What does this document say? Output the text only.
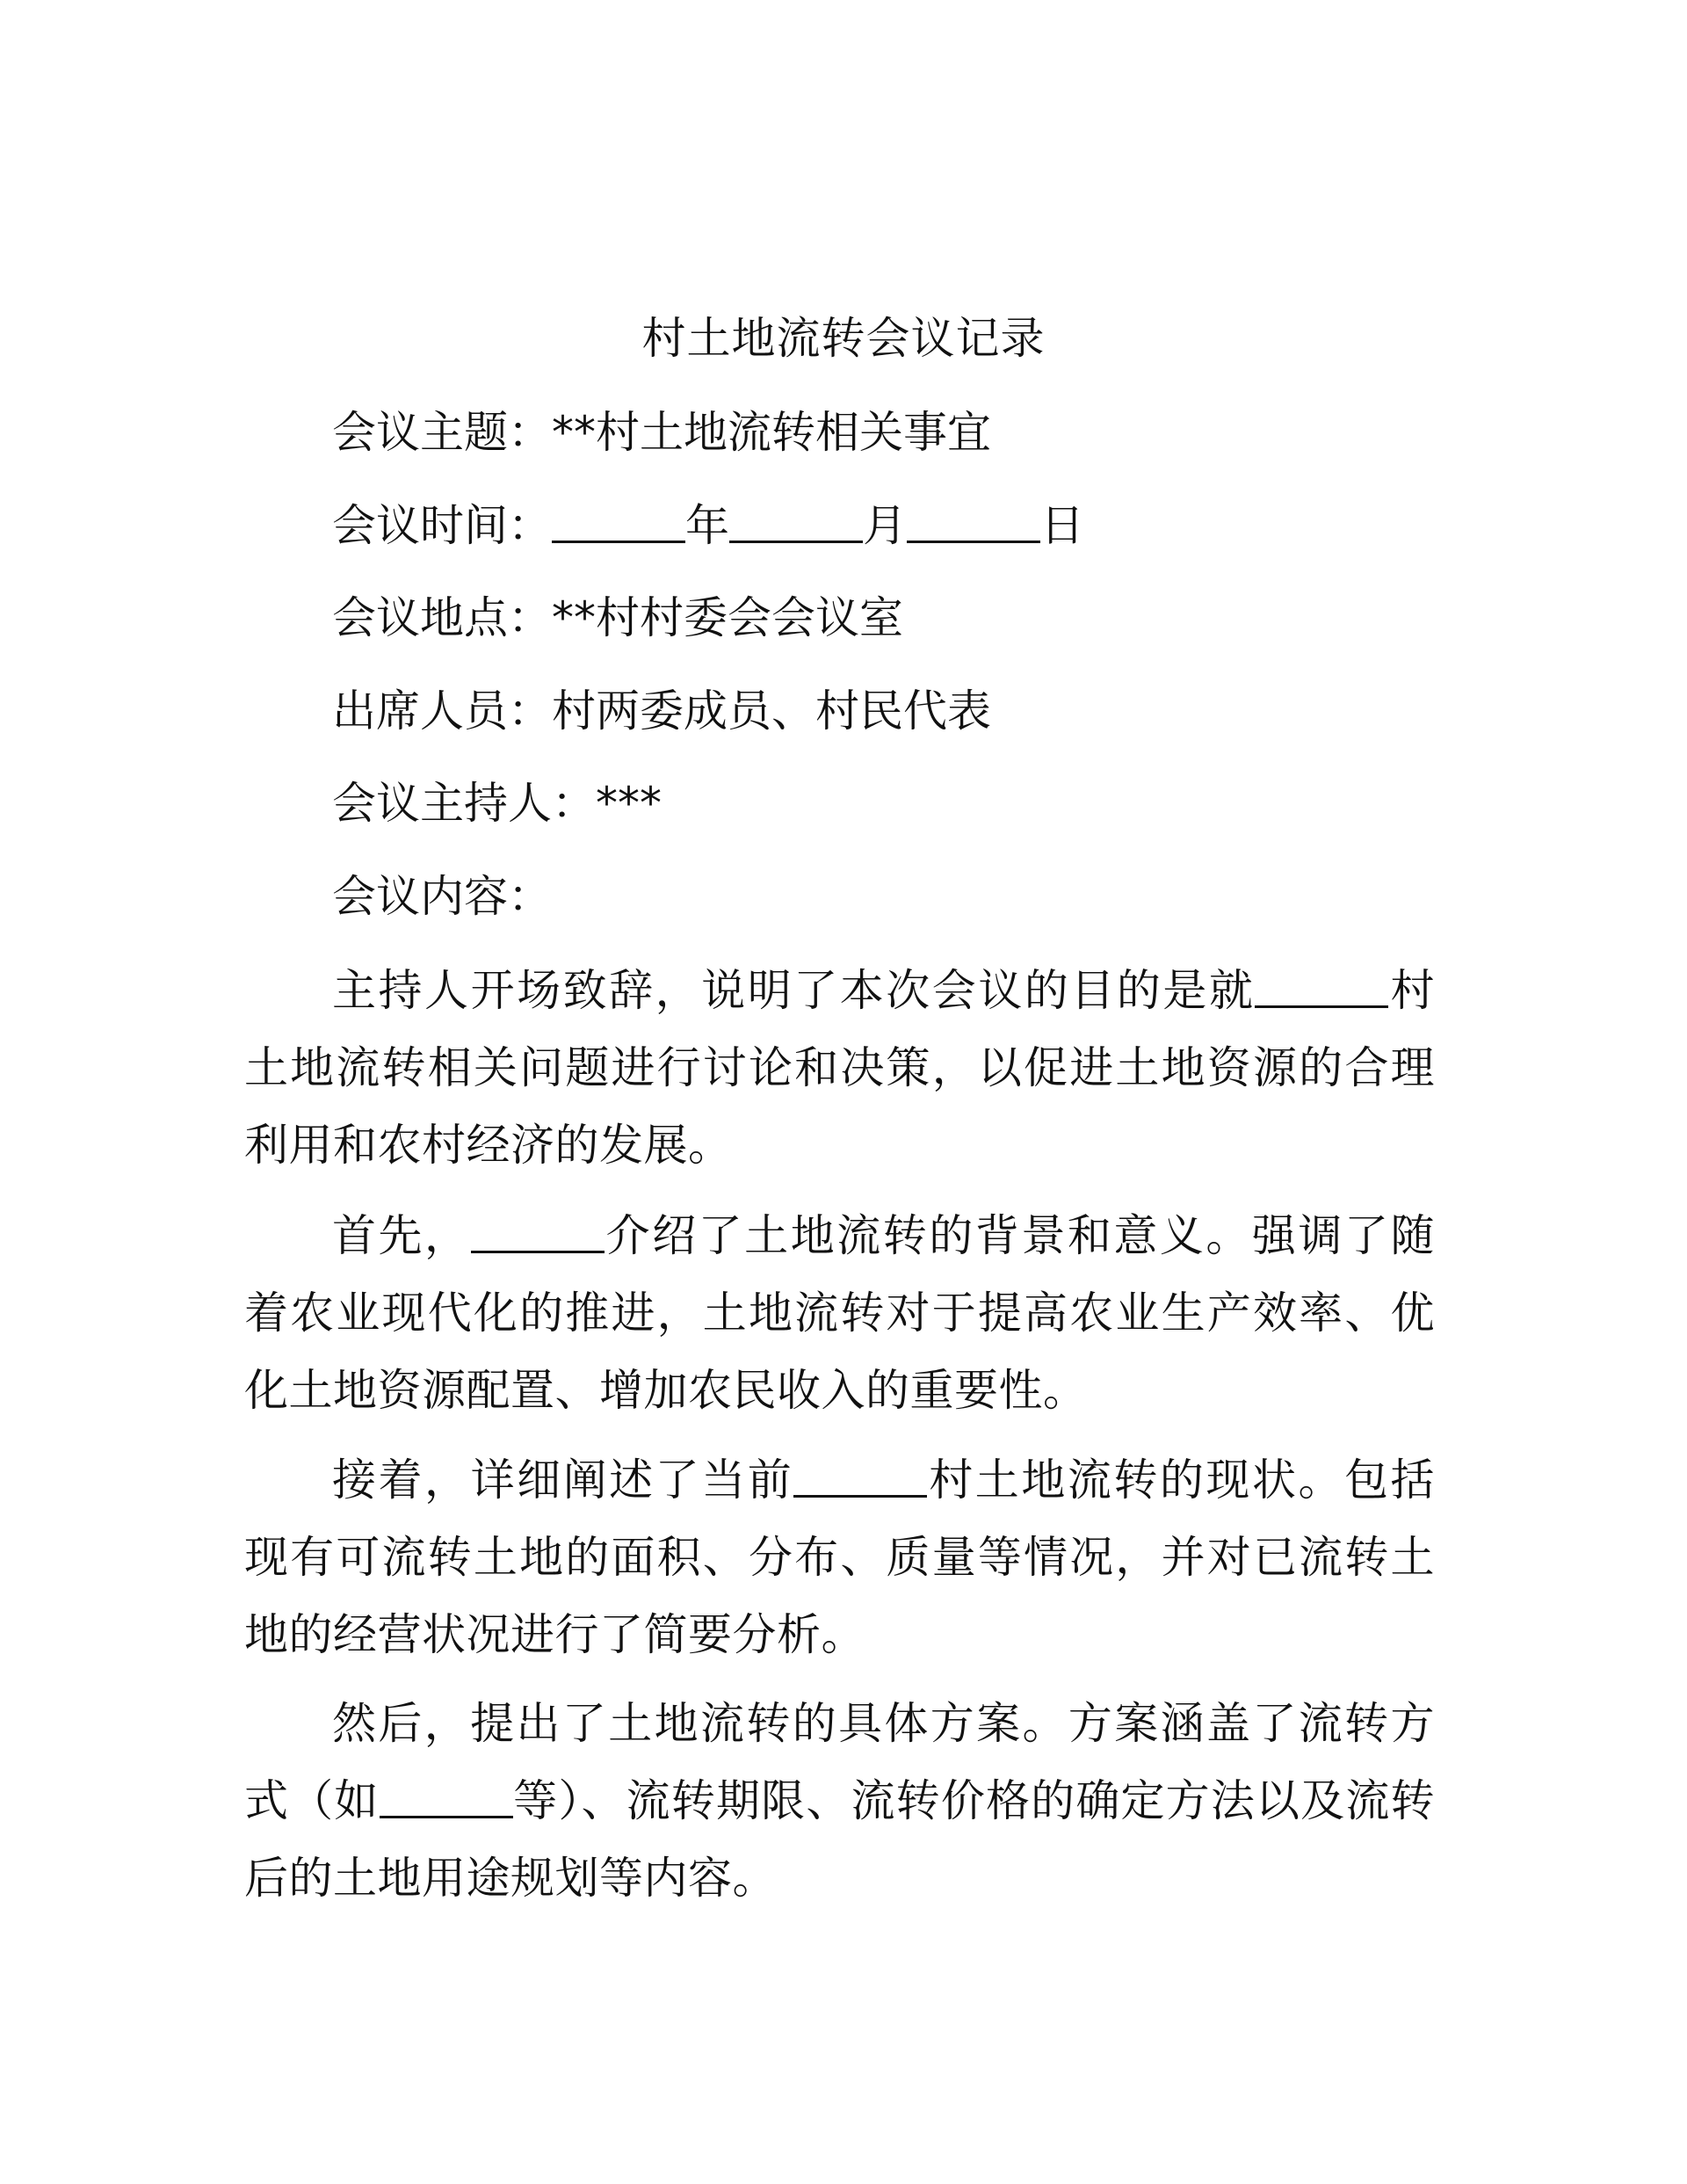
村土地流转会议记录
会议主题：**村土地流转相关事宜
会议时间：	年	月	日
会议地点：**村村委会会议室
出席人员：村两委成员、村民代表
会议主持人：***
会议内容：
主持人开场致辞，说明了本次会议的目的是就	村土地流转相关问题进行讨论和决策，以促进土地资源的合理利用和农村经济的发展。
首先，	介绍了土地流转的背景和意义。强调了随着农业现代化的推进，土地流转对于提高农业生产效率、优化土地资源配置、增加农民收入的重要性。
接着，详细阐述了当前	村土地流转的现状。包括现有可流转土地的面积、分布、质量等情况，并对已流转土地的经营状况进行了简要分析。
然后，提出了土地流转的具体方案。方案涵盖了流转方式（如	等）、流转期限、流转价格的确定方法以及流转后的土地用途规划等内容。
